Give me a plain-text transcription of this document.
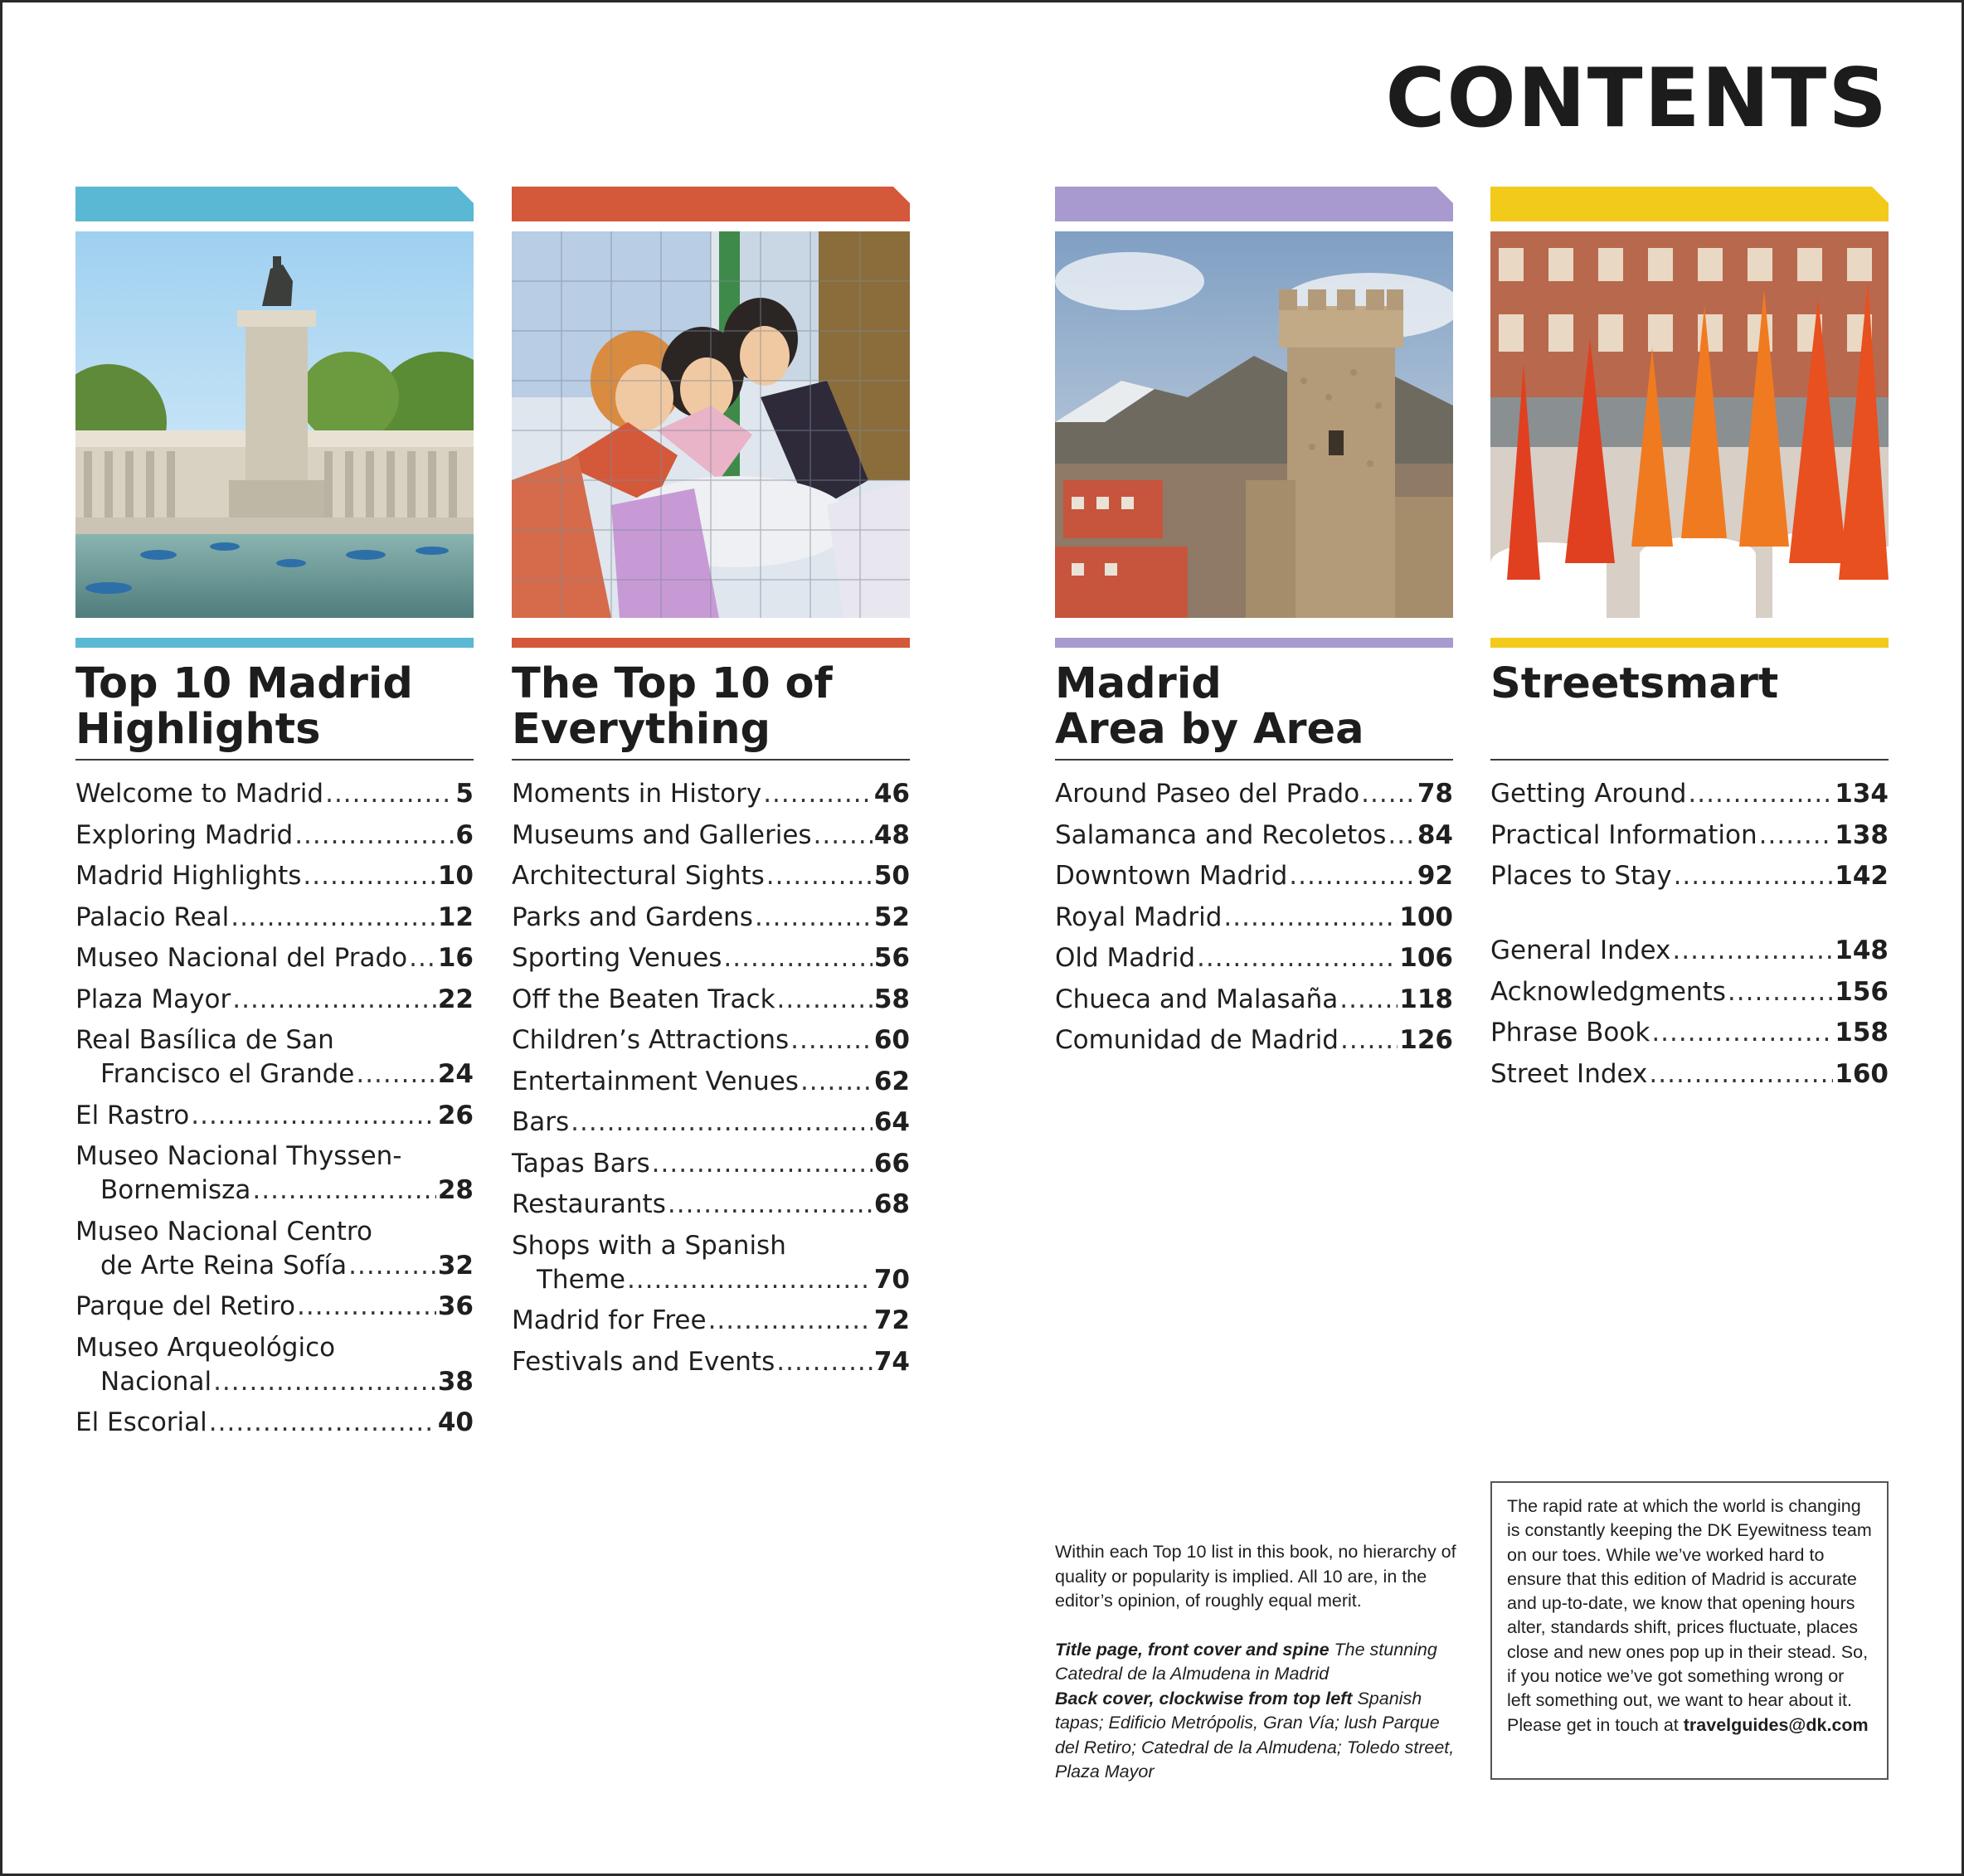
CONTENTS
Top 10 Madrid
Highlights
Welcome to Madrid .....	5
Exploring Madrid .....	6
Madrid Highlights .....	10
Palacio Real .....	12
Museo Nacional del Prado ..... 16
Plaza Mayor .....	22
Real Basílica de San
Francisco el Grande .....	24
El Rastro .....	26
Museo Nacional Thyssen-
Bornemisza .....	28
Museo Nacional Centro
de Arte Reina Sofía .....	32
Parque del Retiro .....	36
Museo Arqueológico
Nacional .....	38
El Escorial .....	40
The Top 10 of
Everything
Moments in History .....	46
Museums and Galleries ..... 48
Architectural Sights .....	50
Parks and Gardens .....	52
Sporting Venues .....	56
Off the Beaten Track .....	58
Children’s Attractions .....	60
Entertainment Venues .....	62
Bars .....	64
Tapas Bars .....	66
Restaurants .....	68
Shops with a Spanish
Theme .....	70
Madrid for Free .....	72
Festivals and Events .....	74
Madrid
Area by Area
Around Paseo del Prado ..... 78
Salamanca and Recoletos ..... 84
Downtown Madrid .....	92
Royal Madrid .....	100
Old Madrid .....	106
Chueca and Malasaña ..... 118
Comunidad de Madrid ..... 126
Streetsmart

Getting Around .....	134
Practical Information .....	138
Places to Stay .....	142
General Index .....	148
Acknowledgments .....	156
Phrase Book .....	158
Street Index .....	160

Within each Top 10 list in this book, no hierarchy of quality or popularity is implied. All 10 are, in the editor’s opinion, of roughly equal merit.

Title page, front cover and spine The stunning Catedral de la Almudena in Madrid
Back cover, clockwise from top left Spanish tapas; Edificio Metrópolis, Gran Vía; lush Parque del Retiro; Catedral de la Almudena; Toledo street, Plaza Mayor
The rapid rate at which the world is changing is constantly keeping the DK Eyewitness team on our toes. While we’ve worked hard to ensure that this edition of Madrid is accurate and up-to-date, we know that opening hours alter, standards shift, prices fluctuate, places close and new ones pop up in their stead. So, if you notice we’ve got something wrong or left something out, we want to hear about it. Please get in touch at travelguides@dk.com
